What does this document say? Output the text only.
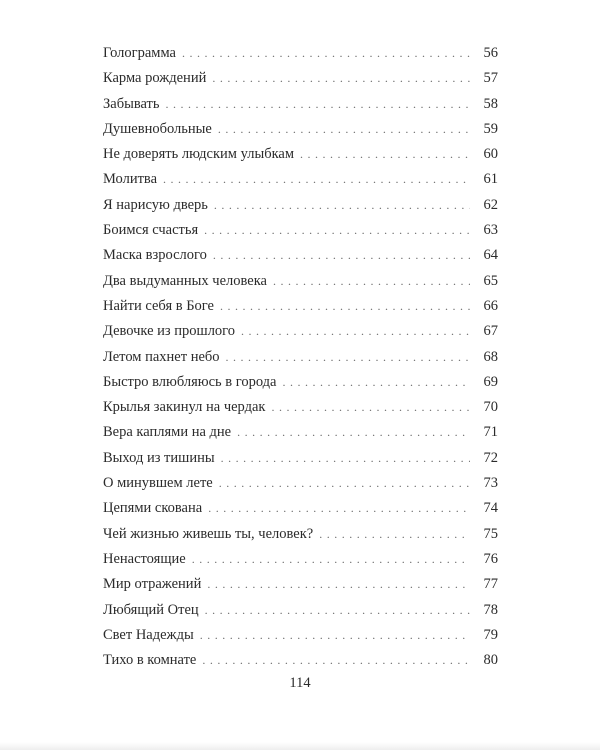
Голограмма . . .	56
Карма рождений . . .	57
Забывать . . .	58
Душевнобольные . . .	59
Не доверять людским улыбкам . . .	60
Молитва . . .	61
Я нарисую дверь . . .	62
Боимся счастья . . .	63
Маска взрослого . . .	64
Два выдуманных человека . . .	65
Найти себя в Боге . . .	66
Девочке из прошлого . . .	67
Летом пахнет небо . . .	68
Быстро влюбляюсь в города . . .	69
Крылья закинул на чердак . . .	70
Вера каплями на дне . . .	71
Выход из тишины . . .	72
О минувшем лете . . .	73
Цепями скована . . .	74
Чей жизнью живешь ты, человек? . . .	75
Ненастоящие . . .	76
Мир отражений . . .	77
Любящий Отец . . .	78
Свет Надежды . . .	79
Тихо в комнате . . .	80
114
